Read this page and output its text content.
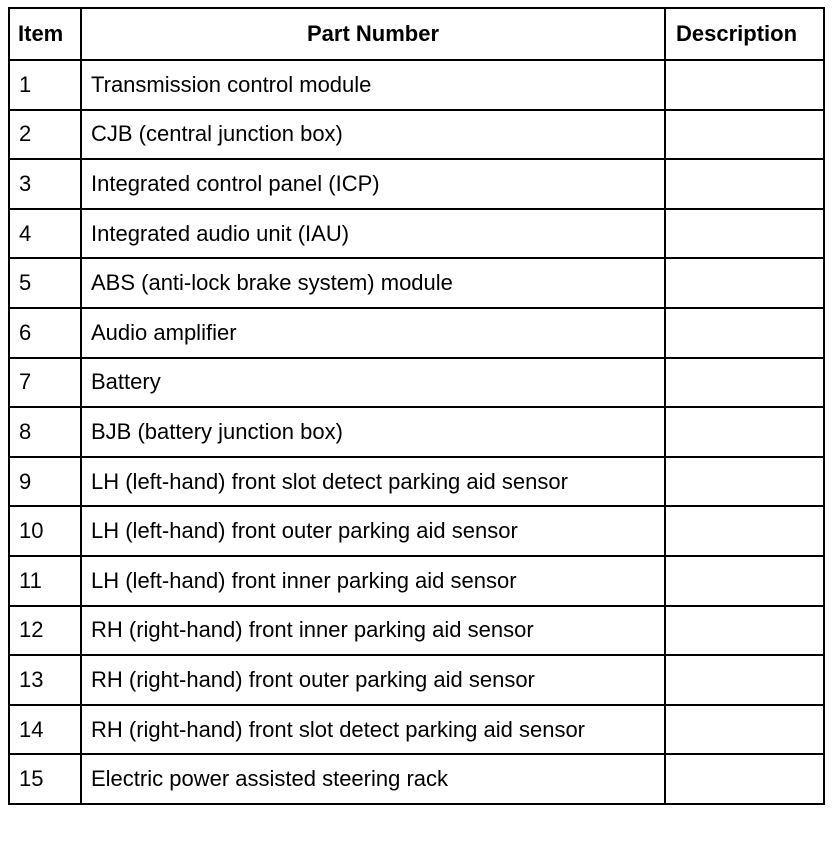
Item	Part Number	Description
1	Transmission control module	
2	CJB (central junction box)	
3	Integrated control panel (ICP)	
4	Integrated audio unit (IAU)	
5	ABS (anti-lock brake system) module	
6	Audio amplifier	
7	Battery	
8	BJB (battery junction box)	
9	LH (left-hand) front slot detect parking aid sensor	
10	LH (left-hand) front outer parking aid sensor	
11	LH (left-hand) front inner parking aid sensor	
12	RH (right-hand) front inner parking aid sensor	
13	RH (right-hand) front outer parking aid sensor	
14	RH (right-hand) front slot detect parking aid sensor	
15	Electric power assisted steering rack	
